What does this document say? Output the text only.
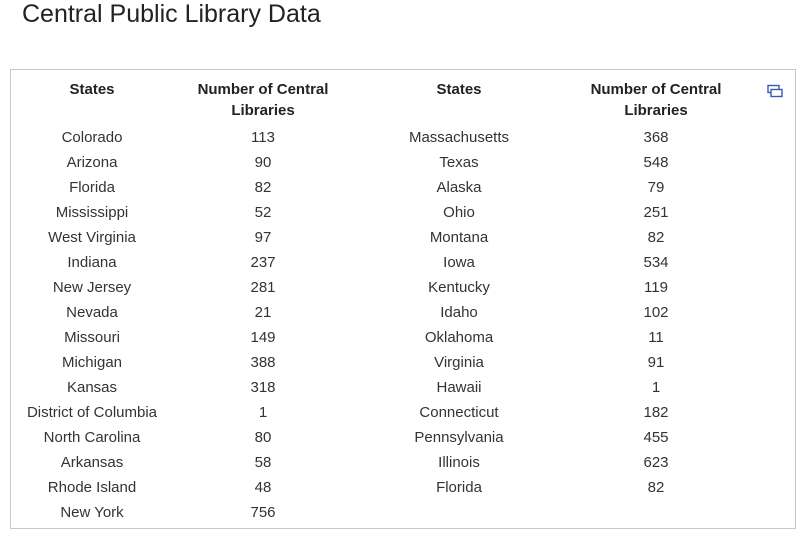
Central Public Library Data
States	Number of Central Libraries	States	Number of Central Libraries	
Colorado	113	Massachusetts	368	
Arizona	90	Texas	548	
Florida	82	Alaska	79	
Mississippi	52	Ohio	251	
West Virginia	97	Montana	82	
Indiana	237	Iowa	534	
New Jersey	281	Kentucky	119	
Nevada	21	Idaho	102	
Missouri	149	Oklahoma	11	
Michigan	388	Virginia	91	
Kansas	318	Hawaii	1	
District of Columbia	1	Connecticut	182	
North Carolina	80	Pennsylvania	455	
Arkansas	58	Illinois	623	
Rhode Island	48	Florida	82	
New York	756			
